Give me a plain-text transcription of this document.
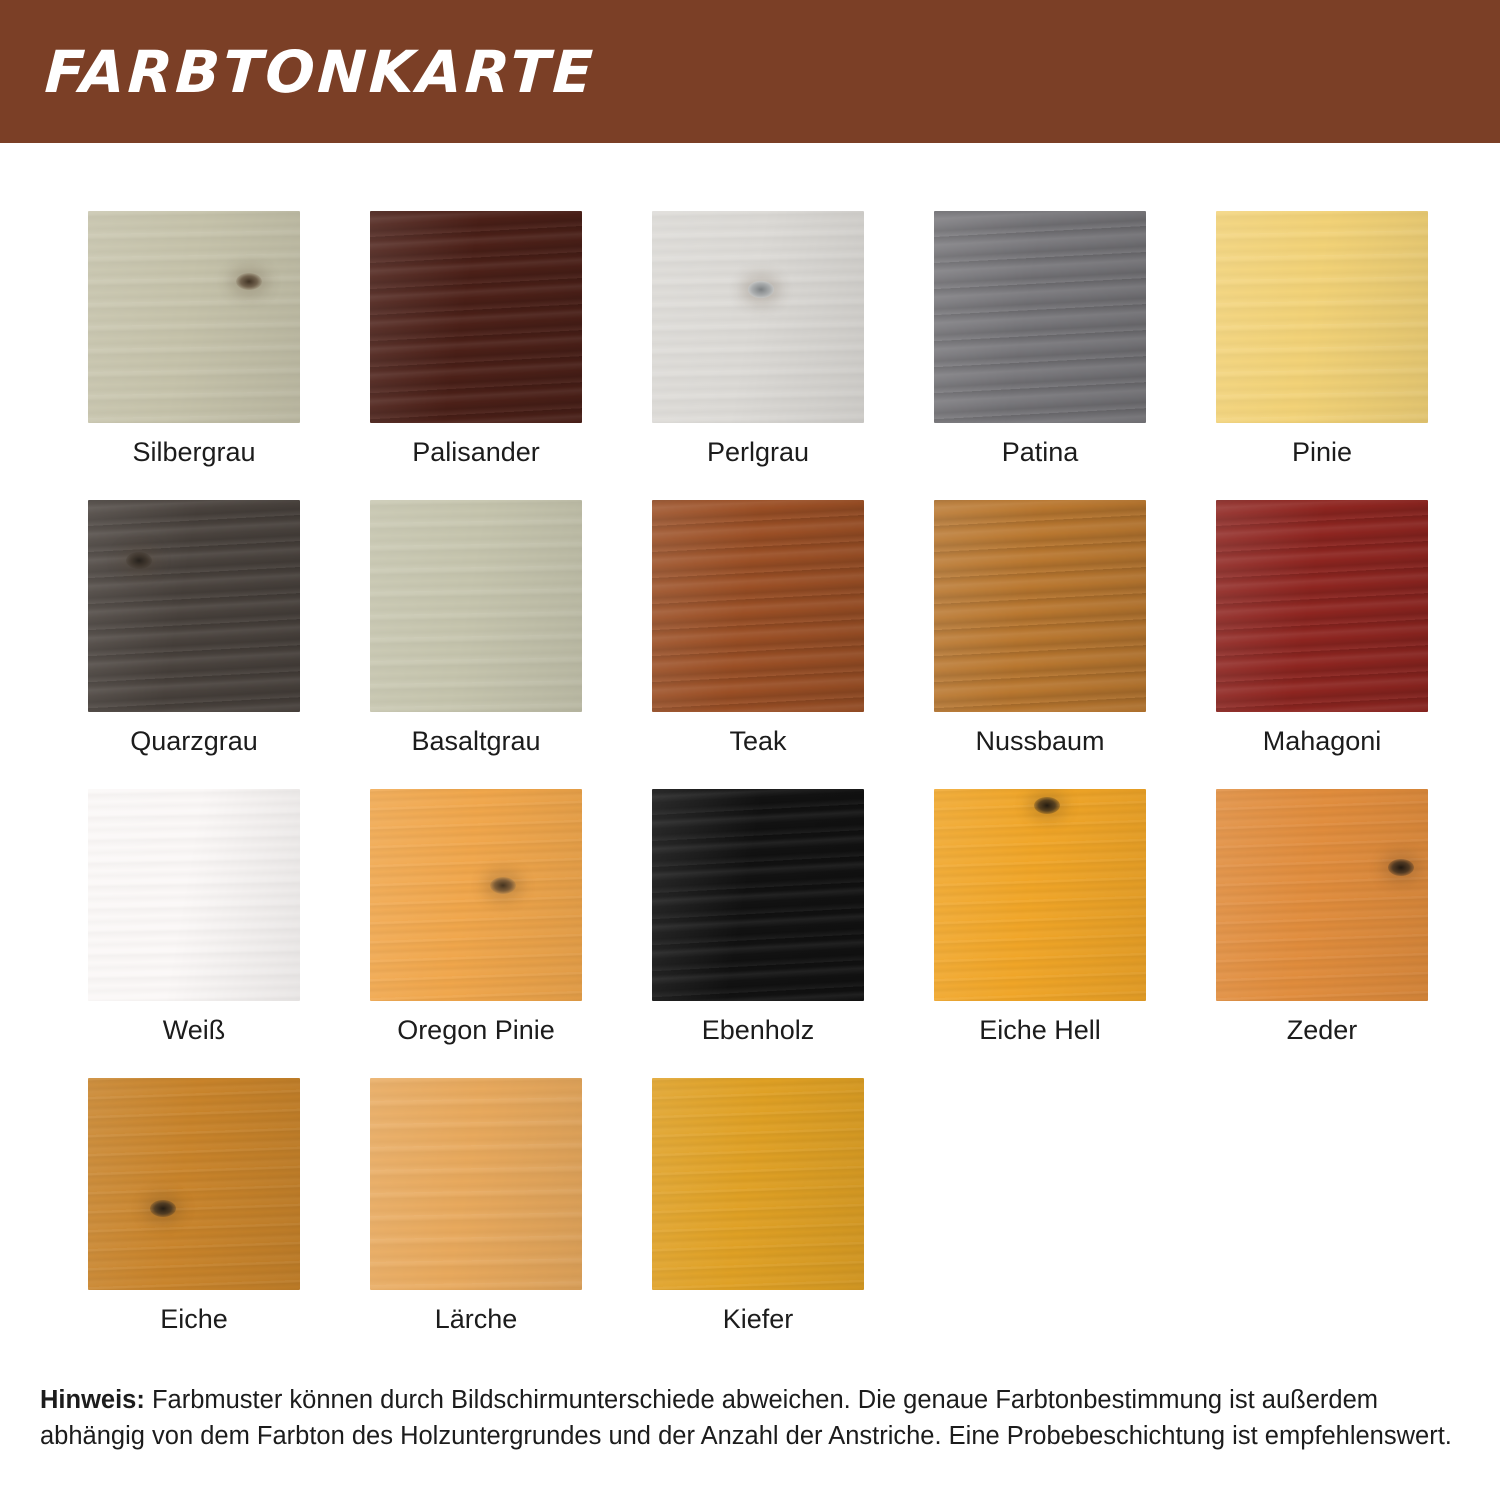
FARBTONKARTE
Silbergrau	Palisander	Perlgrau	Patina	Pinie
Quarzgrau	Basaltgrau	Teak	Nussbaum	Mahagoni
Weiß	Oregon Pinie	Ebenholz	Eiche Hell	Zeder
Eiche	Lärche	Kiefer
Hinweis: Farbmuster können durch Bildschirmunterschiede abweichen. Die genaue Farbtonbestimmung ist außerdem abhängig von dem Farbton des Holzuntergrundes und der Anzahl der Anstriche. Eine Probebeschichtung ist empfehlenswert.
